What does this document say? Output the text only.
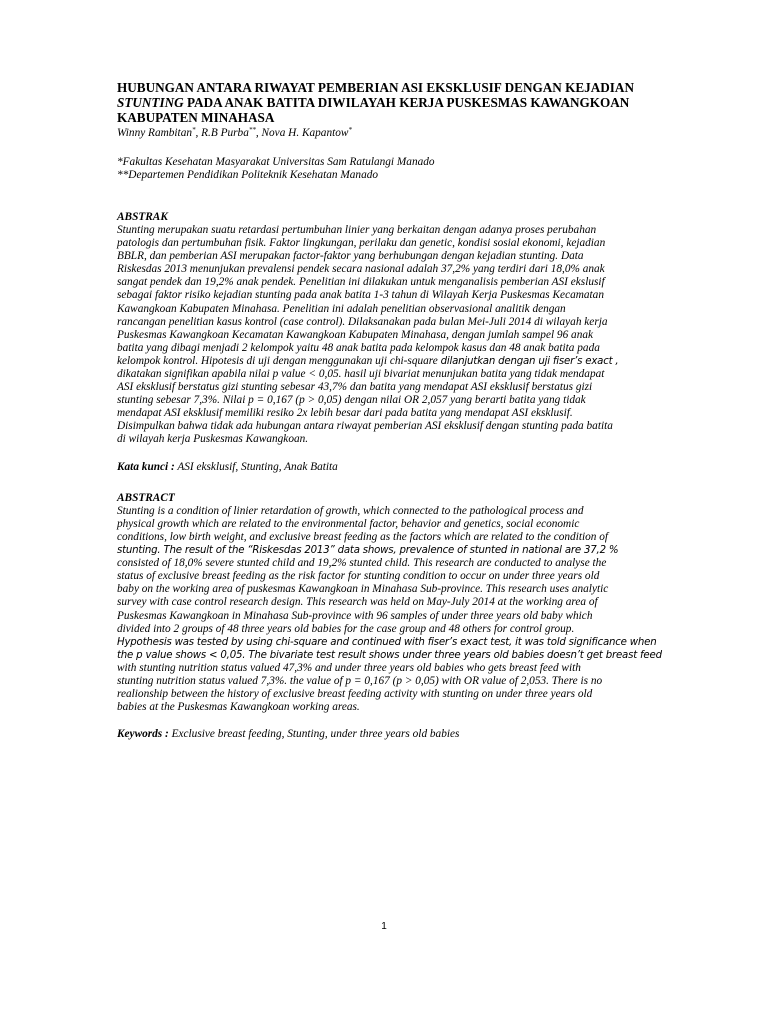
HUBUNGAN ANTARA RIWAYAT PEMBERIAN ASI EKSKLUSIF DENGAN KEJADIAN
STUNTING PADA ANAK BATITA DIWILAYAH KERJA PUSKESMAS KAWANGKOAN
KABUPATEN MINAHASA
Winny Rambitan*, R.B Purba**, Nova H. Kapantow*
*Fakultas Kesehatan Masyarakat Universitas Sam Ratulangi Manado
**Departemen Pendidikan Politeknik Kesehatan Manado
ABSTRAK
Stunting merupakan suatu retardasi pertumbuhan linier yang berkaitan dengan adanya proses perubahan
patologis dan pertumbuhan fisik. Faktor lingkungan, perilaku dan genetic, kondisi sosial ekonomi, kejadian
BBLR, dan pemberian ASI merupakan factor-faktor yang berhubungan dengan kejadian stunting. Data
Riskesdas 2013 menunjukan prevalensi pendek secara nasional adalah 37,2% yang terdiri dari 18,0% anak
sangat pendek dan 19,2% anak pendek. Penelitian ini dilakukan untuk menganalisis pemberian ASI ekslusif
sebagai faktor risiko kejadian stunting pada anak batita 1-3 tahun di Wilayah Kerja Puskesmas Kecamatan
Kawangkoan Kabupaten Minahasa. Penelitian ini adalah penelitian observasional analitik dengan
rancangan penelitian kasus kontrol (case control). Dilaksanakan pada bulan Mei-Juli 2014 di wilayah kerja
Puskesmas Kawangkoan Kecamatan Kawangkoan Kabupaten Minahasa, dengan jumlah sampel 96 anak
batita yang dibagi menjadi 2 kelompok yaitu 48 anak batita pada kelompok kasus dan 48 anak batita pada
kelompok kontrol. Hipotesis di uji dengan menggunakan uji chi-square dilanjutkan dengan uji fiser’s exact ,
dikatakan signifikan apabila nilai p value < 0,05. hasil uji bivariat menunjukan batita yang tidak mendapat
ASI eksklusif berstatus gizi stunting sebesar 43,7% dan batita yang mendapat ASI eksklusif berstatus gizi
stunting sebesar 7,3%. Nilai p = 0,167 (p > 0,05) dengan nilai OR 2,057 yang berarti batita yang tidak
mendapat ASI eksklusif memiliki resiko 2x lebih besar dari pada batita yang mendapat ASI eksklusif.
Disimpulkan bahwa tidak ada hubungan antara riwayat pemberian ASI eksklusif dengan stunting pada batita
di wilayah kerja Puskesmas Kawangkoan.
Kata kunci : ASI eksklusif, Stunting, Anak Batita
ABSTRACT
Stunting is a condition of linier retardation of growth, which connected to the pathological process and
physical growth which are related to the environmental factor, behavior and genetics, social economic
conditions, low birth weight, and exclusive breast feeding as the factors which are related to the condition of
stunting. The result of the “Riskesdas 2013” data shows, prevalence of stunted in national are 37,2 %
consisted of 18,0% severe stunted child and 19,2% stunted child. This research are conducted to analyse the
status of exclusive breast feeding as the risk factor for stunting condition to occur on under three years old
baby on the working area of puskesmas Kawangkoan in Minahasa Sub-province. This research uses analytic
survey with case control research design. This research was held on May-July 2014 at the working area of
Puskesmas Kawangkoan in Minahasa Sub-province with 96 samples of under three years old baby which
divided into 2 groups of 48 three years old babies for the case group and 48 others for control group.
Hypothesis was tested by using chi-square and continued with fiser’s exact test, it was told significance when
the p value shows < 0,05. The bivariate test result shows under three years old babies doesn’t get breast feed
with stunting nutrition status valued 47,3% and under three years old babies who gets breast feed with
stunting nutrition status valued 7,3%. the value of p = 0,167 (p > 0,05) with OR value of 2,053. There is no
realionship between the history of exclusive breast feeding activity with stunting on under three years old
babies at the Puskesmas Kawangkoan working areas.
Keywords : Exclusive breast feeding, Stunting, under three years old babies
1
